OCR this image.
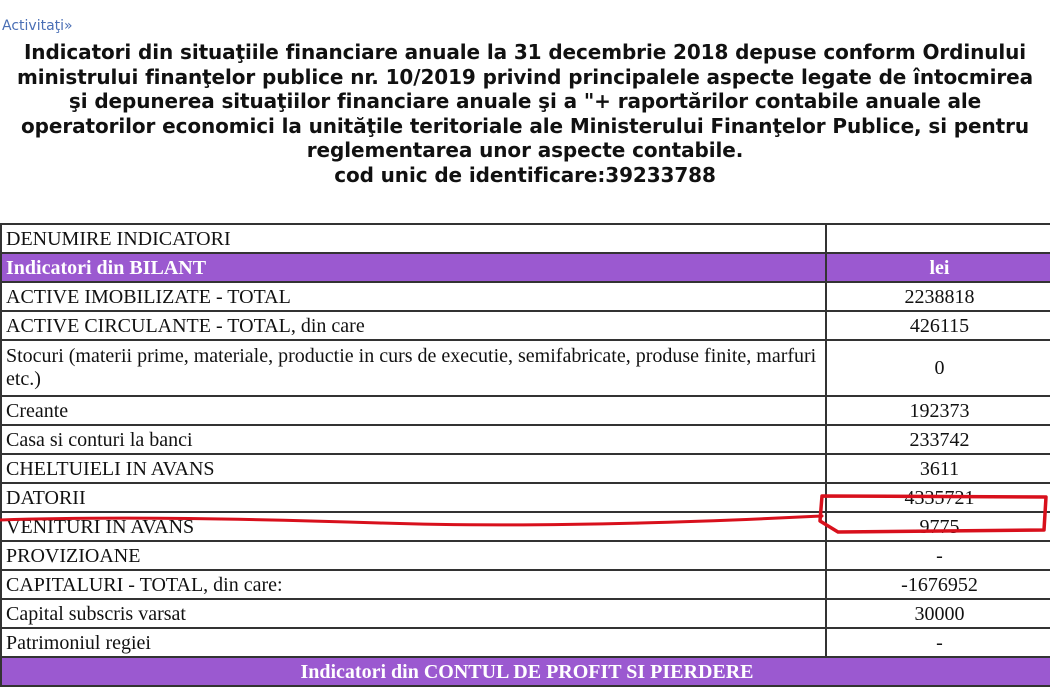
Activitaţi»
Indicatori din situaţiile financiare anuale la 31 decembrie 2018 depuse conform Ordinului
ministrului finanţelor publice nr. 10/2019 privind principalele aspecte legate de întocmirea
şi depunerea situaţiilor financiare anuale şi a "+ raportărilor contabile anuale ale
operatorilor economici la unităţile teritoriale ale Ministerului Finanţelor Publice, si pentru
reglementarea unor aspecte contabile.
cod unic de identificare:39233788
DENUMIRE INDICATORI	
Indicatori din BILANT	lei
ACTIVE IMOBILIZATE - TOTAL	2238818
ACTIVE CIRCULANTE - TOTAL, din care	426115
Stocuri (materii prime, materiale, productie in curs de executie, semifabricate, produse finite, marfuri etc.)	0
Creante	192373
Casa si conturi la banci	233742
CHELTUIELI IN AVANS	3611
DATORII	4335721
VENITURI IN AVANS	9775
PROVIZIOANE	-
CAPITALURI - TOTAL, din care:	-1676952
Capital subscris varsat	30000
Patrimoniul regiei	-
Indicatori din CONTUL DE PROFIT SI PIERDERE	
